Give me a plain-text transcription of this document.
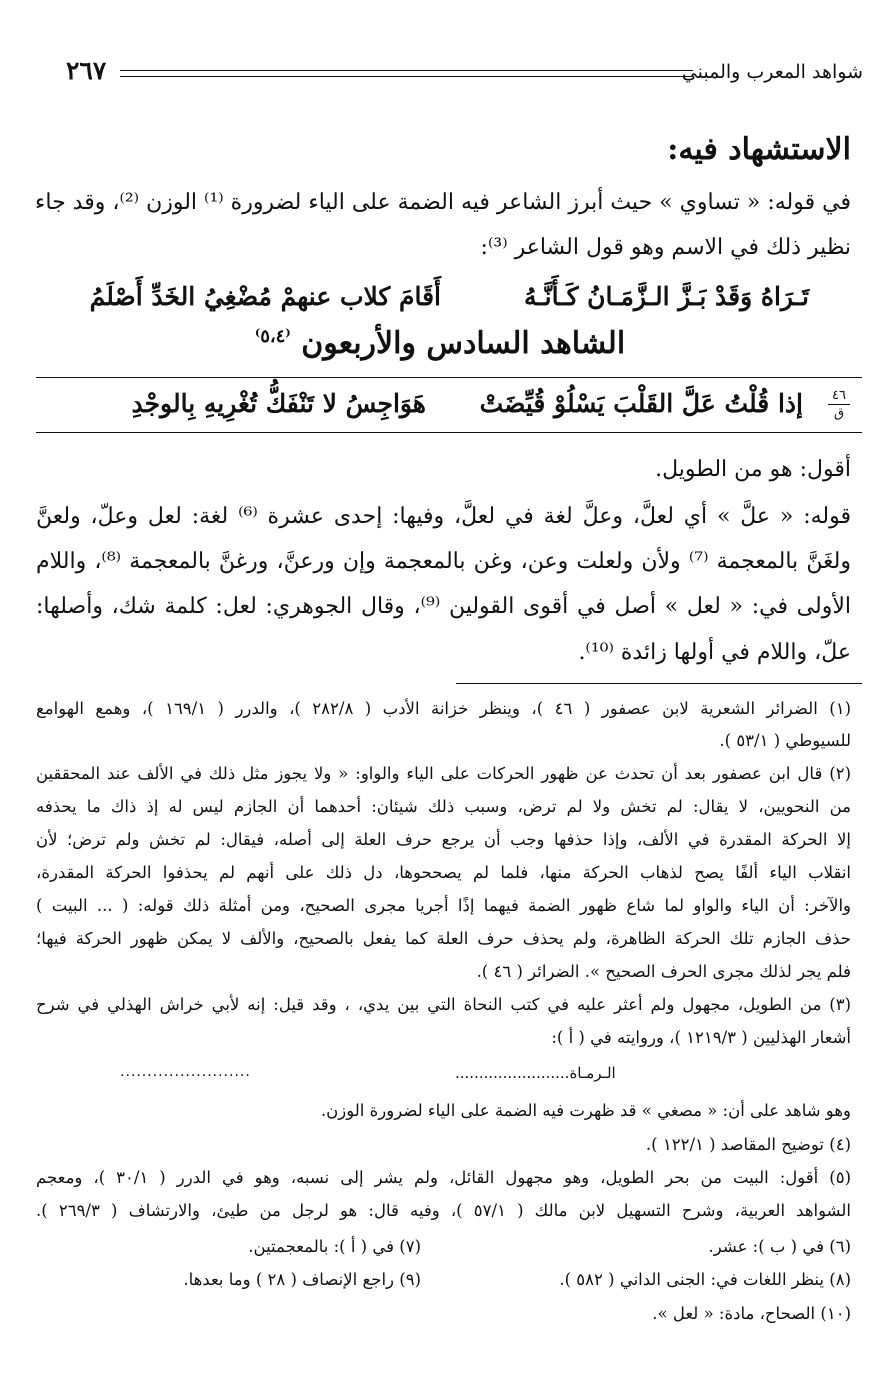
٢٦٧	شواهد المعرب والمبني
الاستشهاد فيه:
في قوله: « تساوي » حيث أبرز الشاعر فيه الضمة على الياء لضرورة ⁽¹⁾ الوزن ⁽²⁾، وقد جاء
نظير ذلك في الاسم وهو قول الشاعر ⁽³⁾:
تَـرَاهُ وَقَدْ بَـزَّ الـزَّمَـانُ كَـأَنَّـهُ
أَقَامَ كلاب عنهمْ مُضْغِيُ الخَدِّ أَصْلَمُ
الشاهد السادس والأربعون $^{^(٥،٤^)}$
٤٦
ق
إذا قُلْتُ عَلَّ القَلْبَ يَسْلُوْ قُيِّضَتْ
هَوَاجِسُ لا تَنْفَكُّ تُغْرِيهِ بِالوجْدِ
أقول: هو من الطويل.
قوله: « علَّ » أي لعلَّ، وعلَّ لغة في لعلَّ، وفيها: إحدى عشرة ⁽⁶⁾ لغة: لعل وعلّ، ولعنَّ
ولغَنَّ بالمعجمة ⁽⁷⁾ ولأن ولعلت وعن، وغن بالمعجمة وإن ورعنَّ، ورغنَّ بالمعجمة ⁽⁸⁾، واللام
الأولى في: « لعل » أصل في أقوى القولين ⁽⁹⁾، وقال الجوهري: لعل: كلمة شك، وأصلها:
علّ، واللام في أولها زائدة ⁽¹⁰⁾.
(١) الضرائر الشعرية لابن عصفور ( ٤٦ )، وينظر خزانة الأدب ( ٢٨٢/٨ )، والدرر ( ١٦٩/١ )، وهمع الهوامع
للسيوطي ( ٥٣/١ ).
(٢) قال ابن عصفور بعد أن تحدث عن ظهور الحركات على الياء والواو: « ولا يجوز مثل ذلك في الألف عند المحققين
من النحويين، لا يقال: لم تخش ولا لم ترض، وسبب ذلك شيئان: أحدهما أن الجازم ليس له إذ ذاك ما يحذفه
إلا الحركة المقدرة في الألف، وإذا حذفها وجب أن يرجع حرف العلة إلى أصله، فيقال: لم تخش ولم ترض؛ لأن
انقلاب الياء ألفًا يصح لذهاب الحركة منها، فلما لم يصححوها، دل ذلك على أنهم لم يحذفوا الحركة المقدرة،
والآخر: أن الياء والواو لما شاع ظهور الضمة فيهما إذًا أجريا مجرى الصحيح، ومن أمثلة ذلك قوله: ( ... البيت )
حذف الجازم تلك الحركة الظاهرة، ولم يحذف حرف العلة كما يفعل بالصحيح، والألف لا يمكن ظهور الحركة فيها؛
فلم يجر لذلك مجرى الحرف الصحيح ». الضرائر ( ٤٦ ).
(٣) من الطويل، مجهول ولم أعثر عليه في كتب النحاة التي بين يدي، ، وقد قيل: إنه لأبي خراش الهذلي في شرح
أشعار الهذليين ( ١٢١٩/٣ )، وروايته في ( أ ):
........................	الـرمـاة........................
وهو شاهد على أن: « مصغي » قد ظهرت فيه الضمة على الياء لضرورة الوزن.
(٤) توضيح المقاصد ( ١٢٢/١ ).
(٥) أقول: البيت من بحر الطويل، وهو مجهول القائل، ولم يشر إلى نسبه، وهو في الدرر ( ٣٠/١ )، ومعجم
الشواهد العربية، وشرح التسهيل لابن مالك ( ٥٧/١ )، وفيه قال: هو لرجل من طيئ، والارتشاف ( ٢٦٩/٣ ).
(٦) في ( ب ): عشر.
(٧) في ( أ ): بالمعجمتين.
(٨) ينظر اللغات في: الجنى الداني ( ٥٨٢ ).
(٩) راجع الإنصاف ( ٢٨ ) وما بعدها.
(١٠) الصحاح، مادة: « لعل ».
